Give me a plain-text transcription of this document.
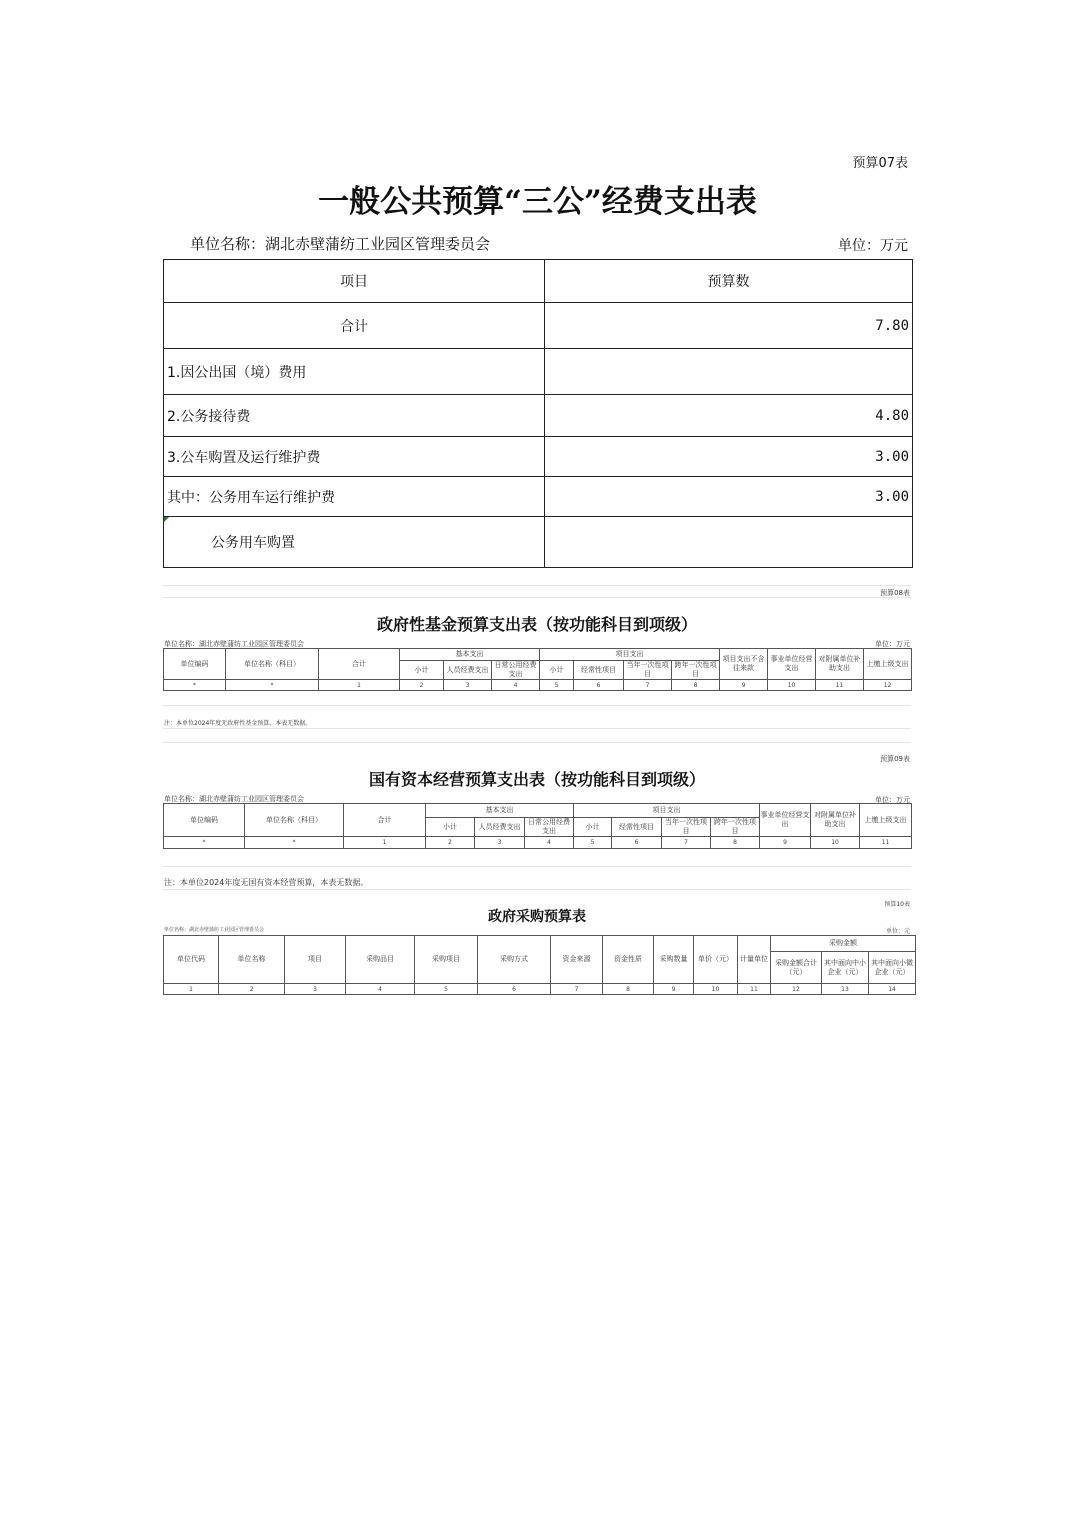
预算07表
一般公共预算“三公”经费支出表
单位名称：湖北赤壁蒲纺工业园区管理委员会	单位：万元
项目	预算数
合计	7.80
1.因公出国（境）费用	
2.公务接待费	4.80
3.公车购置及运行维护费	3.00
其中：公务用车运行维护费	3.00

公务用车购置	
预算08表
政府性基金预算支出表（按功能科目到项级）
单位名称：湖北赤壁蒲纺工业园区管理委员会	单位：万元
单位编码	单位名称（科目）	合计	基本支出			项目支出				项目支出不含往来款	事业单位经营支出	对附属单位补助支出	上缴上级支出
			小计	人员经费支出	日常公用经费支出	小计	经常性项目	当年一次性项目	跨年一次性项目				
*	*	1	2	3	4	5	6	7	8	9	10	11	12
注：本单位2024年度无政府性基金预算，本表无数据。
预算09表
国有资本经营预算支出表（按功能科目到项级）
单位名称：湖北赤壁蒲纺工业园区管理委员会	单位：万元
单位编码	单位名称（科目）	合计	基本支出			项目支出				事业单位经营支出	对附属单位补助支出	上缴上级支出
			小计	人员经费支出	日常公用经费支出	小计	经常性项目	当年一次性项目	跨年一次性项目			
*	*	1	2	3	4	5	6	7	8	9	10	11
注：本单位2024年度无国有资本经营预算，本表无数据。
预算10表
政府采购预算表
单位名称：湖北赤壁蒲纺工业园区管理委员会	单位：元
单位代码	单位名称	项目	采购品目	采购项目	采购方式	资金来源	资金性质	采购数量	单价（元）	计量单位	采购金额		
											采购金额合计（元）	其中面向中小企业（元）	其中面向小微企业（元）
1	2	3	4	5	6	7	8	9	10	11	12	13	14
